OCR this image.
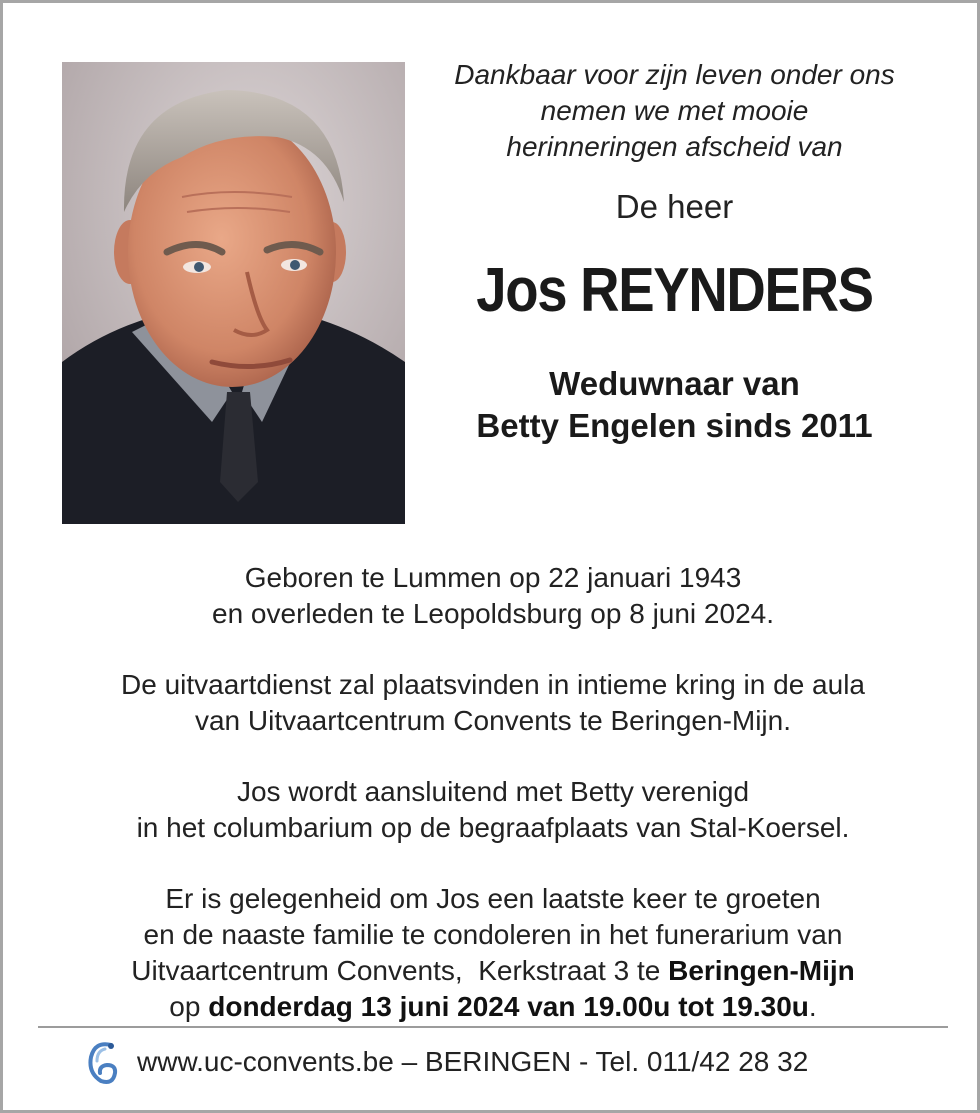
Dankbaar voor zijn leven onder ons
nemen we met mooie
herinneringen afscheid van
De heer
Jos REYNDERS
Weduwnaar van
Betty Engelen sinds 2011

Geboren te Lummen op 22 januari 1943
en overleden te Leopoldsburg op 8 juni 2024.

De uitvaartdienst zal plaatsvinden in intieme kring in de aula
van Uitvaartcentrum Convents te Beringen-Mijn.

Jos wordt aansluitend met Betty verenigd
in het columbarium op de begraafplaats van Stal-Koersel.

Er is gelegenheid om Jos een laatste keer te groeten
en de naaste familie te condoleren in het funerarium van
Uitvaartcentrum Convents,  Kerkstraat 3 te Beringen-Mijn
op donderdag 13 juni 2024 van 19.00u tot 19.30u.

www.uc-convents.be – BERINGEN - Tel. 011/42 28 32
